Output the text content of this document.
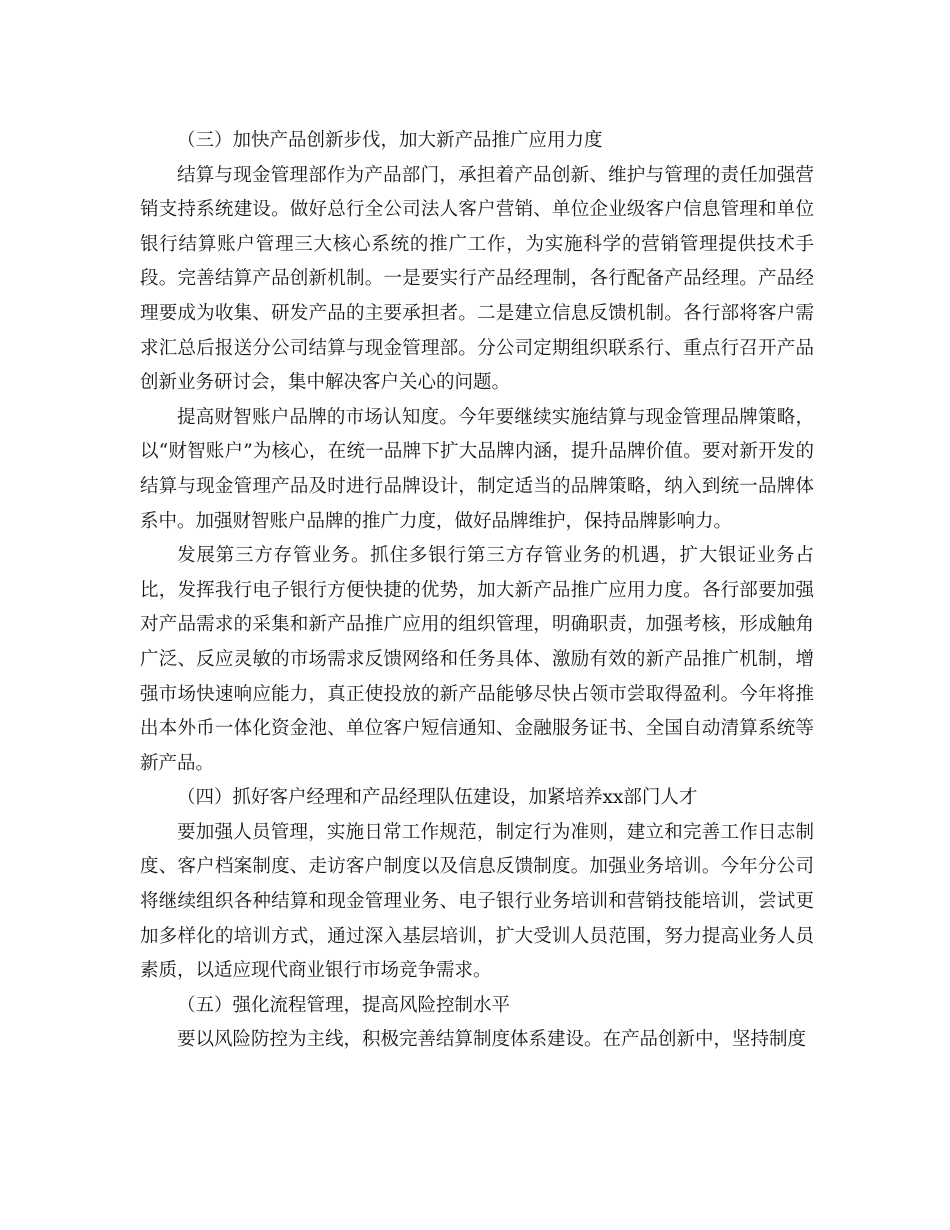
（三）加快产品创新步伐，加大新产品推广应用力度

结算与现金管理部作为产品部门，承担着产品创新、维护与管理的责任加强营销支持系统建设。做好总行全公司法人客户营销、单位企业级客户信息管理和单位银行结算账户管理三大核心系统的推广工作，为实施科学的营销管理提供技术手段。完善结算产品创新机制。一是要实行产品经理制，各行配备产品经理。产品经理要成为收集、研发产品的主要承担者。二是建立信息反馈机制。各行部将客户需求汇总后报送分公司结算与现金管理部。分公司定期组织联系行、重点行召开产品创新业务研讨会，集中解决客户关心的问题。

提高财智账户品牌的市场认知度。今年要继续实施结算与现金管理品牌策略，以“财智账户”为核心，在统一品牌下扩大品牌内涵，提升品牌价值。要对新开发的结算与现金管理产品及时进行品牌设计，制定适当的品牌策略，纳入到统一品牌体系中。加强财智账户品牌的推广力度，做好品牌维护，保持品牌影响力。

发展第三方存管业务。抓住多银行第三方存管业务的机遇，扩大银证业务占比，发挥我行电子银行方便快捷的优势，加大新产品推广应用力度。各行部要加强对产品需求的采集和新产品推广应用的组织管理，明确职责，加强考核，形成触角广泛、反应灵敏的市场需求反馈网络和任务具体、激励有效的新产品推广机制，增强市场快速响应能力，真正使投放的新产品能够尽快占领市尝取得盈利。今年将推出本外币一体化资金池、单位客户短信通知、金融服务证书、全国自动清算系统等新产品。

（四）抓好客户经理和产品经理队伍建设，加紧培养xx部门人才

要加强人员管理，实施日常工作规范，制定行为准则，建立和完善工作日志制度、客户档案制度、走访客户制度以及信息反馈制度。加强业务培训。今年分公司将继续组织各种结算和现金管理业务、电子银行业务培训和营销技能培训，尝试更加多样化的培训方式，通过深入基层培训，扩大受训人员范围，努力提高业务人员素质，以适应现代商业银行市场竞争需求。

（五）强化流程管理，提高风险控制水平

要以风险防控为主线，积极完善结算制度体系建设。在产品创新中，坚持制度
